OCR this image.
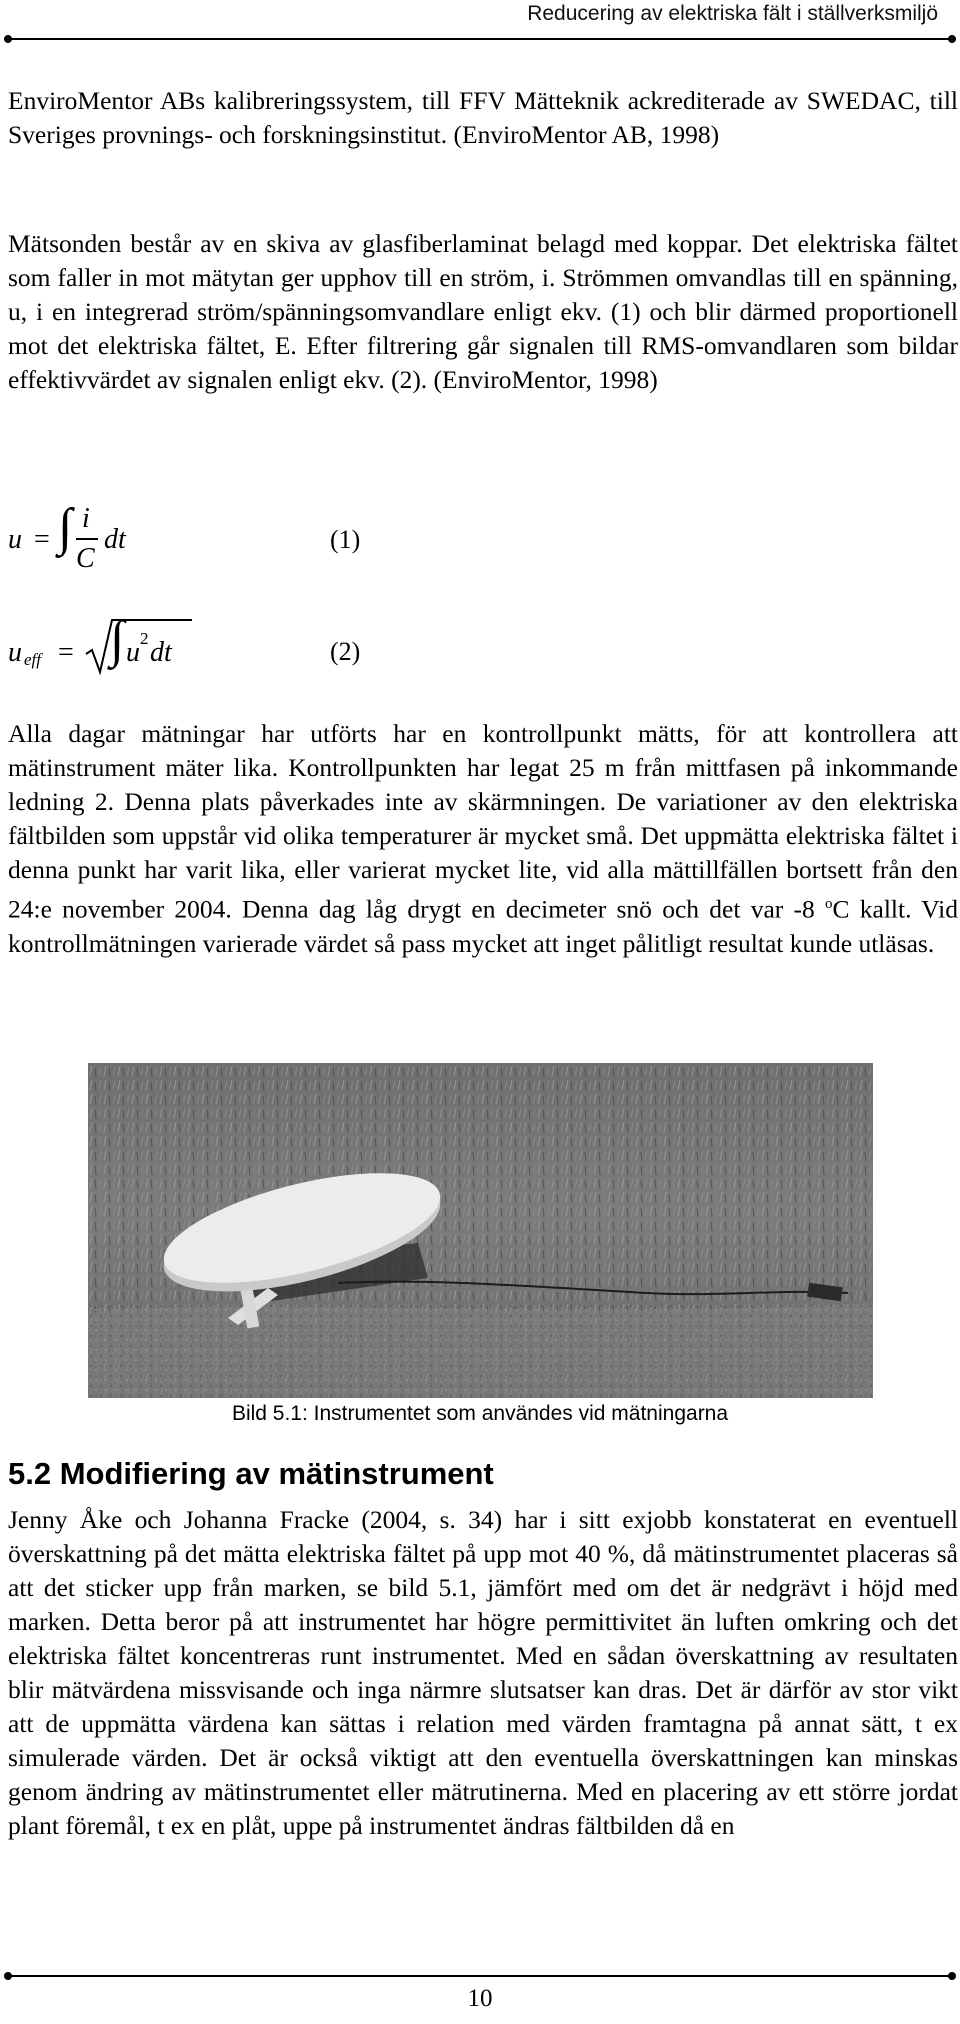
Reducering av elektriska fält i ställverksmiljö

EnviroMentor ABs kalibreringssystem, till FFV Mätteknik ackrediterade av SWEDAC, till Sveriges provnings- och forskningsinstitut. (EnviroMentor AB, 1998)

Mätsonden består av en skiva av glasfiberlaminat belagd med koppar. Det elektriska fältet som faller in mot mätytan ger upphov till en ström, i. Strömmen omvandlas till en spänning, u, i en integrerad ström/spänningsomvandlare enligt ekv. (1) och blir därmed proportionell mot det elektriska fältet, E. Efter filtrering går signalen till RMS-omvandlaren som bildar effektivvärdet av signalen enligt ekv. (2). (EnviroMentor, 1998)

u = ∫ i
C
dt	(1)
u eff = ∫ u 2 dt	(2)

Alla dagar mätningar har utförts har en kontrollpunkt mätts, för att kontrollera att mätinstrument mäter lika. Kontrollpunkten har legat 25 m från mittfasen på inkommande ledning 2. Denna plats påverkades inte av skärmningen. De variationer av den elektriska fältbilden som uppstår vid olika temperaturer är mycket små. Det uppmätta elektriska fältet i denna punkt har varit lika, eller varierat mycket lite, vid alla mättillfällen bortsett från den 24:e november 2004. Denna dag låg drygt en decimeter snö och det var -8 $^o$C kallt. Vid kontrollmätningen varierade värdet så pass mycket att inget pålitligt resultat kunde utläsas.

Bild 5.1: Instrumentet som användes vid mätningarna
5.2 Modifiering av mätinstrument

Jenny Åke och Johanna Fracke (2004, s. 34) har i sitt exjobb konstaterat en eventuell överskattning på det mätta elektriska fältet på upp mot 40 %, då mätinstrumentet placeras så att det sticker upp från marken, se bild 5.1, jämfört med om det är nedgrävt i höjd med marken. Detta beror på att instrumentet har högre permittivitet än luften omkring och det elektriska fältet koncentreras runt instrumentet. Med en sådan överskattning av resultaten blir mätvärdena missvisande och inga närmre slutsatser kan dras. Det är därför av stor vikt att de uppmätta värdena kan sättas i relation med värden framtagna på annat sätt, t ex simulerade värden. Det är också viktigt att den eventuella överskattningen kan minskas genom ändring av mätinstrumentet eller mätrutinerna. Med en placering av ett större jordat plant föremål, t ex en plåt, uppe på instrumentet ändras fältbilden då en

10
